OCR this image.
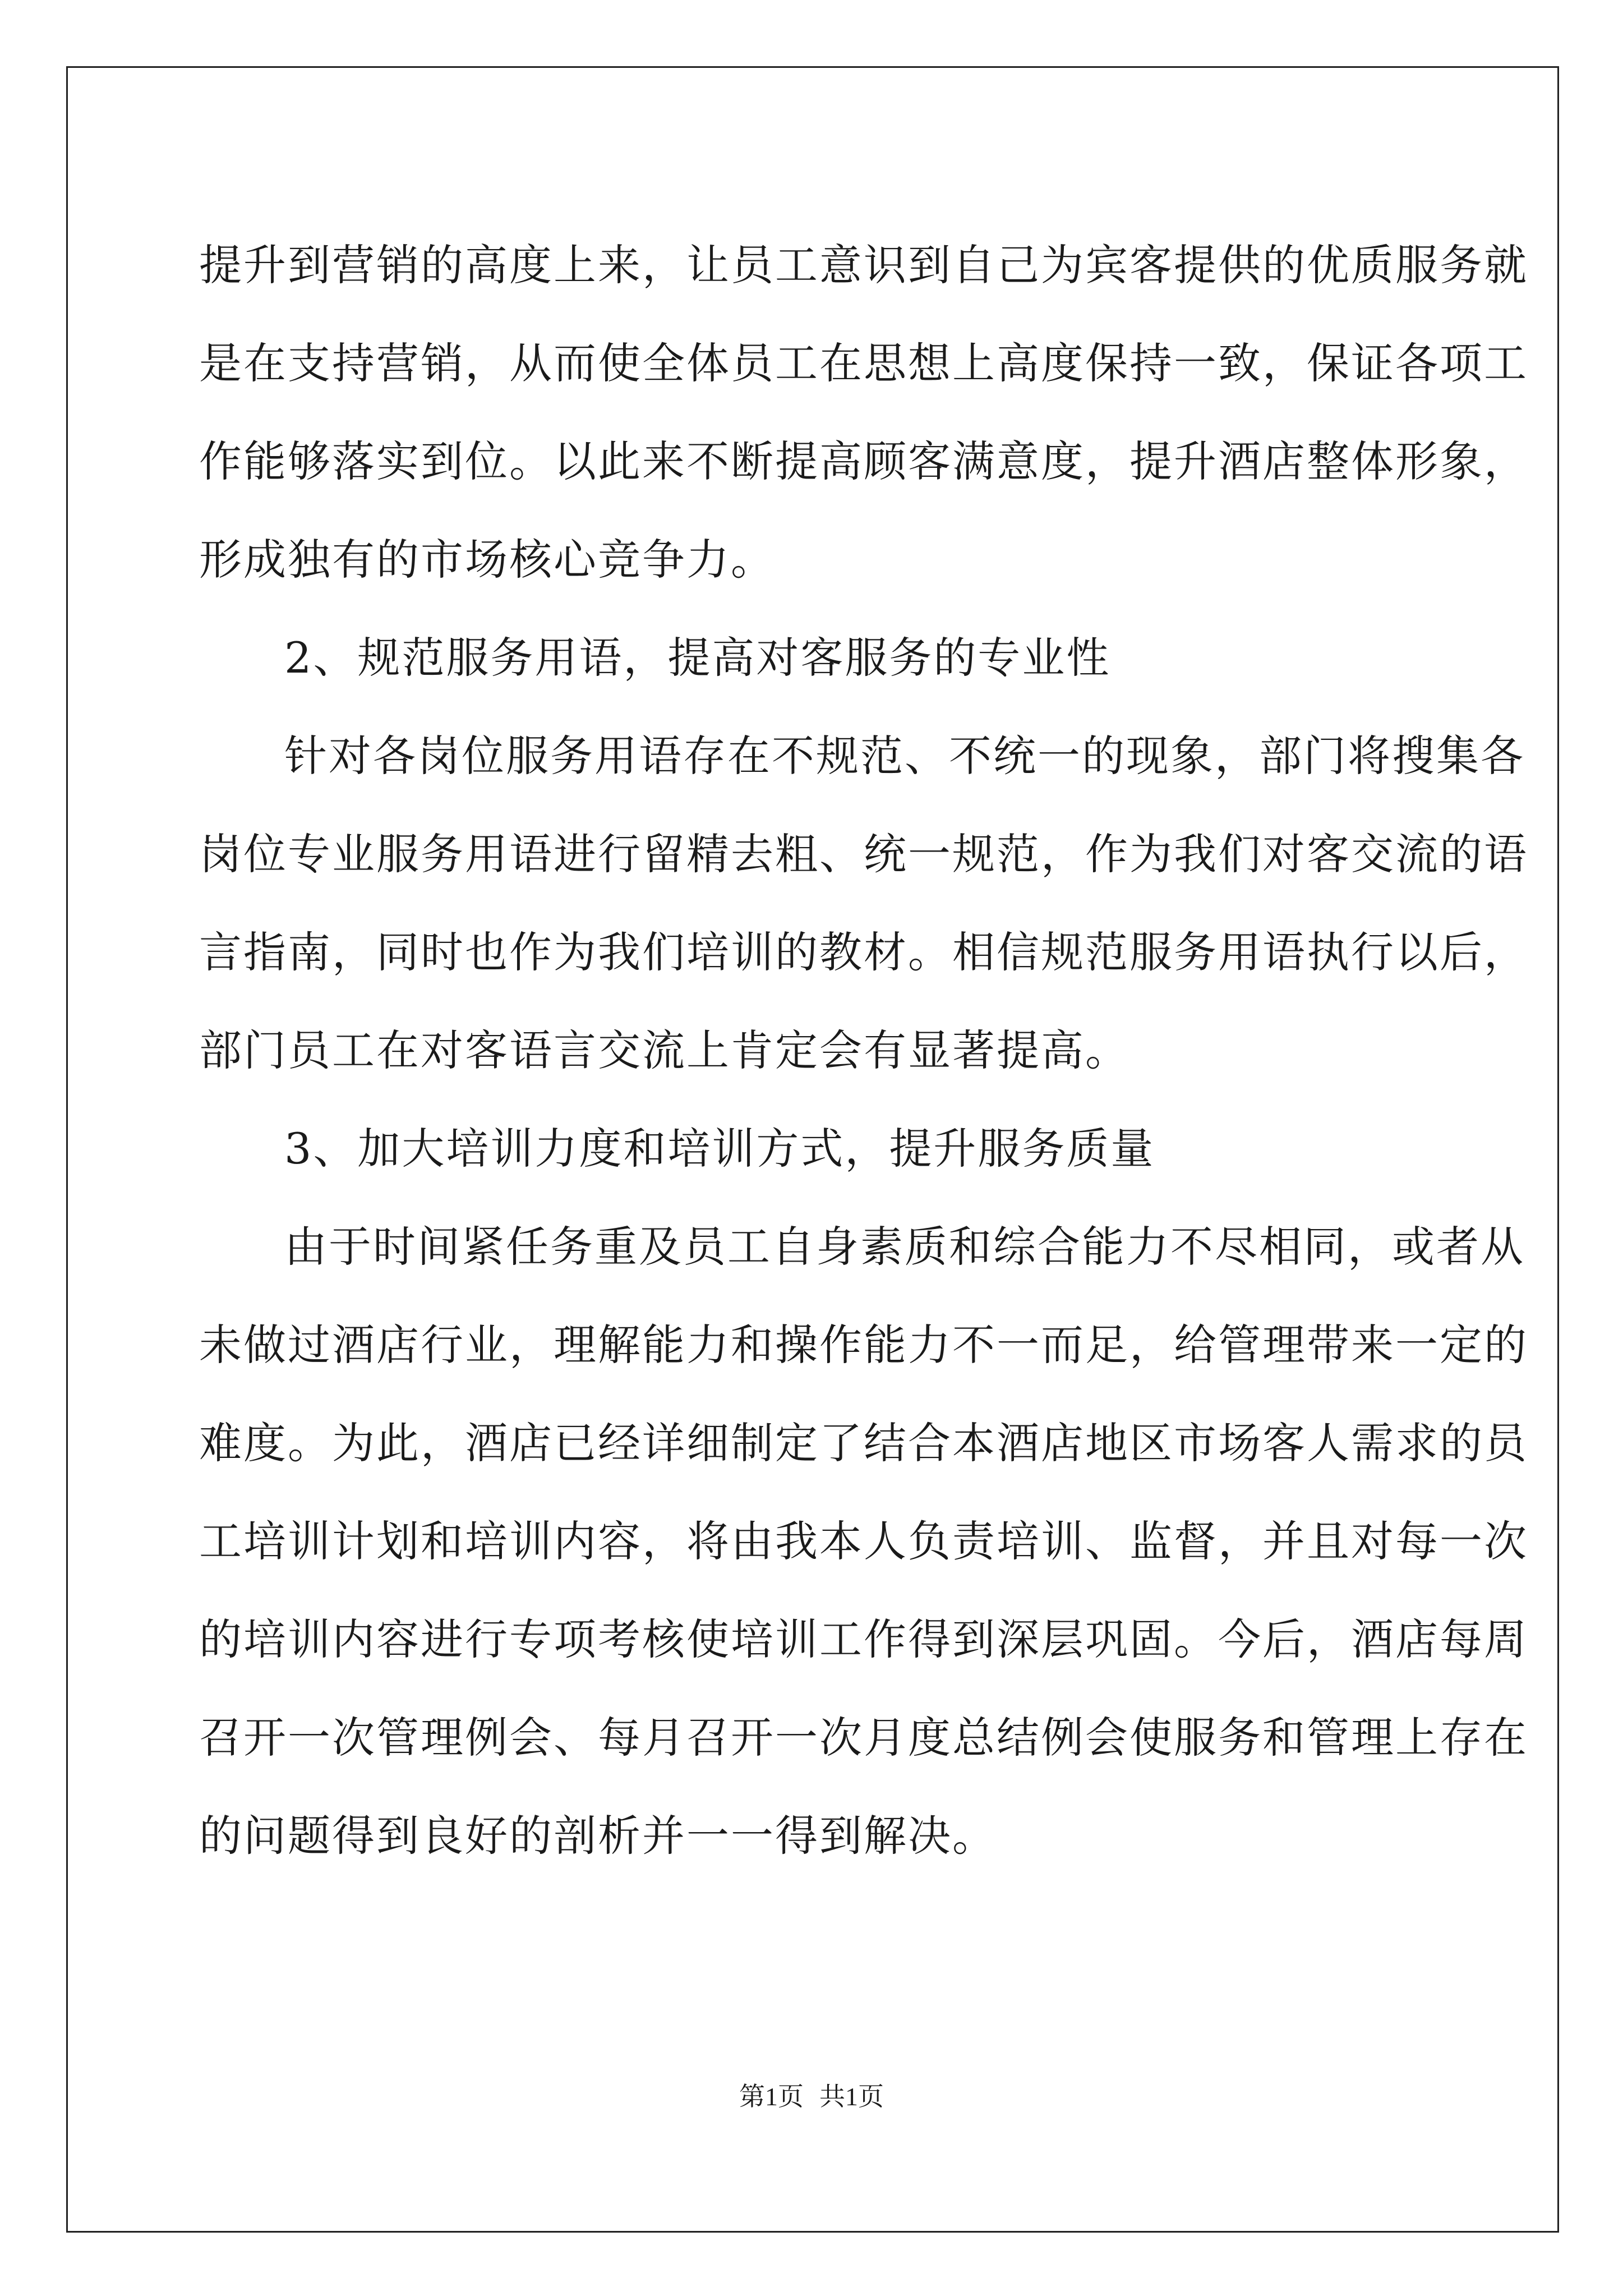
提升到营销的高度上来，让员工意识到自己为宾客提供的优质服务就
是在支持营销，从而使全体员工在思想上高度保持一致，保证各项工
作能够落实到位。以此来不断提高顾客满意度，提升酒店整体形象，
形成独有的市场核心竞争力。
2、规范服务用语，提高对客服务的专业性
针对各岗位服务用语存在不规范、不统一的现象，部门将搜集各
岗位专业服务用语进行留精去粗、统一规范，作为我们对客交流的语
言指南，同时也作为我们培训的教材。相信规范服务用语执行以后，
部门员工在对客语言交流上肯定会有显著提高。
3、加大培训力度和培训方式，提升服务质量
由于时间紧任务重及员工自身素质和综合能力不尽相同，或者从
未做过酒店行业，理解能力和操作能力不一而足，给管理带来一定的
难度。为此，酒店已经详细制定了结合本酒店地区市场客人需求的员
工培训计划和培训内容，将由我本人负责培训、监督，并且对每一次
的培训内容进行专项考核使培训工作得到深层巩固。今后，酒店每周
召开一次管理例会、每月召开一次月度总结例会使服务和管理上存在
的问题得到良好的剖析并一一得到解决。
第1页 共1页
